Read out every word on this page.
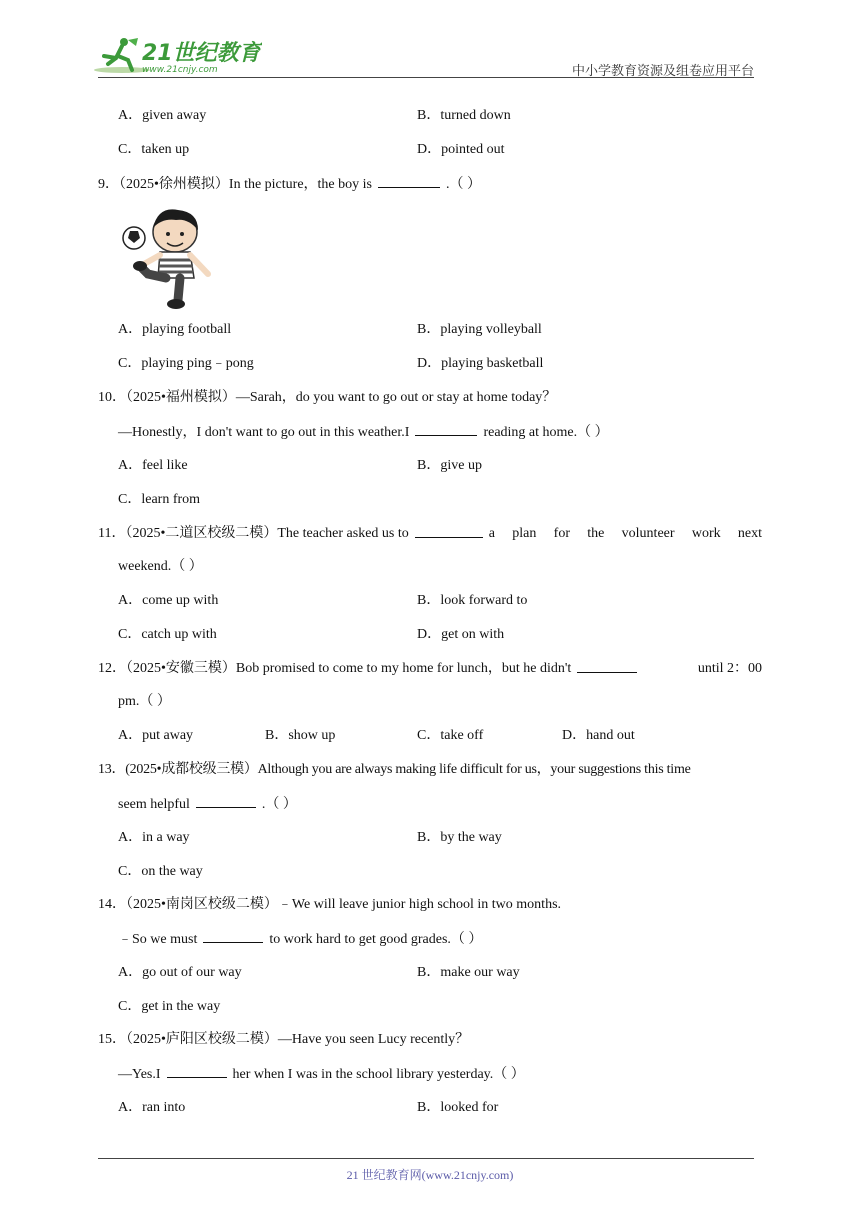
21世纪教育
www.21cnjy.com	中小学教育资源及组卷应用平台
A．given away	B．turned down
C．taken up	D．pointed out
9．（2025•徐州模拟）In the picture，the boy is	.（ ）
A．playing football	B．playing volleyball
C．playing ping﹣pong	D．playing basketball
10．（2025•福州模拟）—Sarah，do you want to go out or stay at home today？
—Honestly，I don't want to go out in this weather.I	reading at home.（ ）
A．feel like	B．give up
C．learn from
11．（2025•二道区校级二模）The teacher asked us to	a plan for the volunteer work next
weekend.（ ）
A．come up with	B．look forward to
C．catch up with	D．get on with
12．（2025•安徽三模）Bob promised to come to my home for lunch，but he didn't	until 2：00
pm.（ ）
A．put away	B．show up	C．take off	D．hand out
13．(2025•成都校级三模）Although you are always making life difficult for us，your suggestions this time
seem helpful	.（ ）
A．in a way	B．by the way
C．on the way
14．（2025•南岗区校级二模）﹣We will leave junior high school in two months.
﹣So we must	to work hard to get good grades.（ ）
A．go out of our way	B．make our way
C．get in the way
15．（2025•庐阳区校级二模）—Have you seen Lucy recently？
—Yes.I	her when I was in the school library yesterday.（ ）
A．ran into	B．looked for
21 世纪教育网(www.21cnjy.com)
